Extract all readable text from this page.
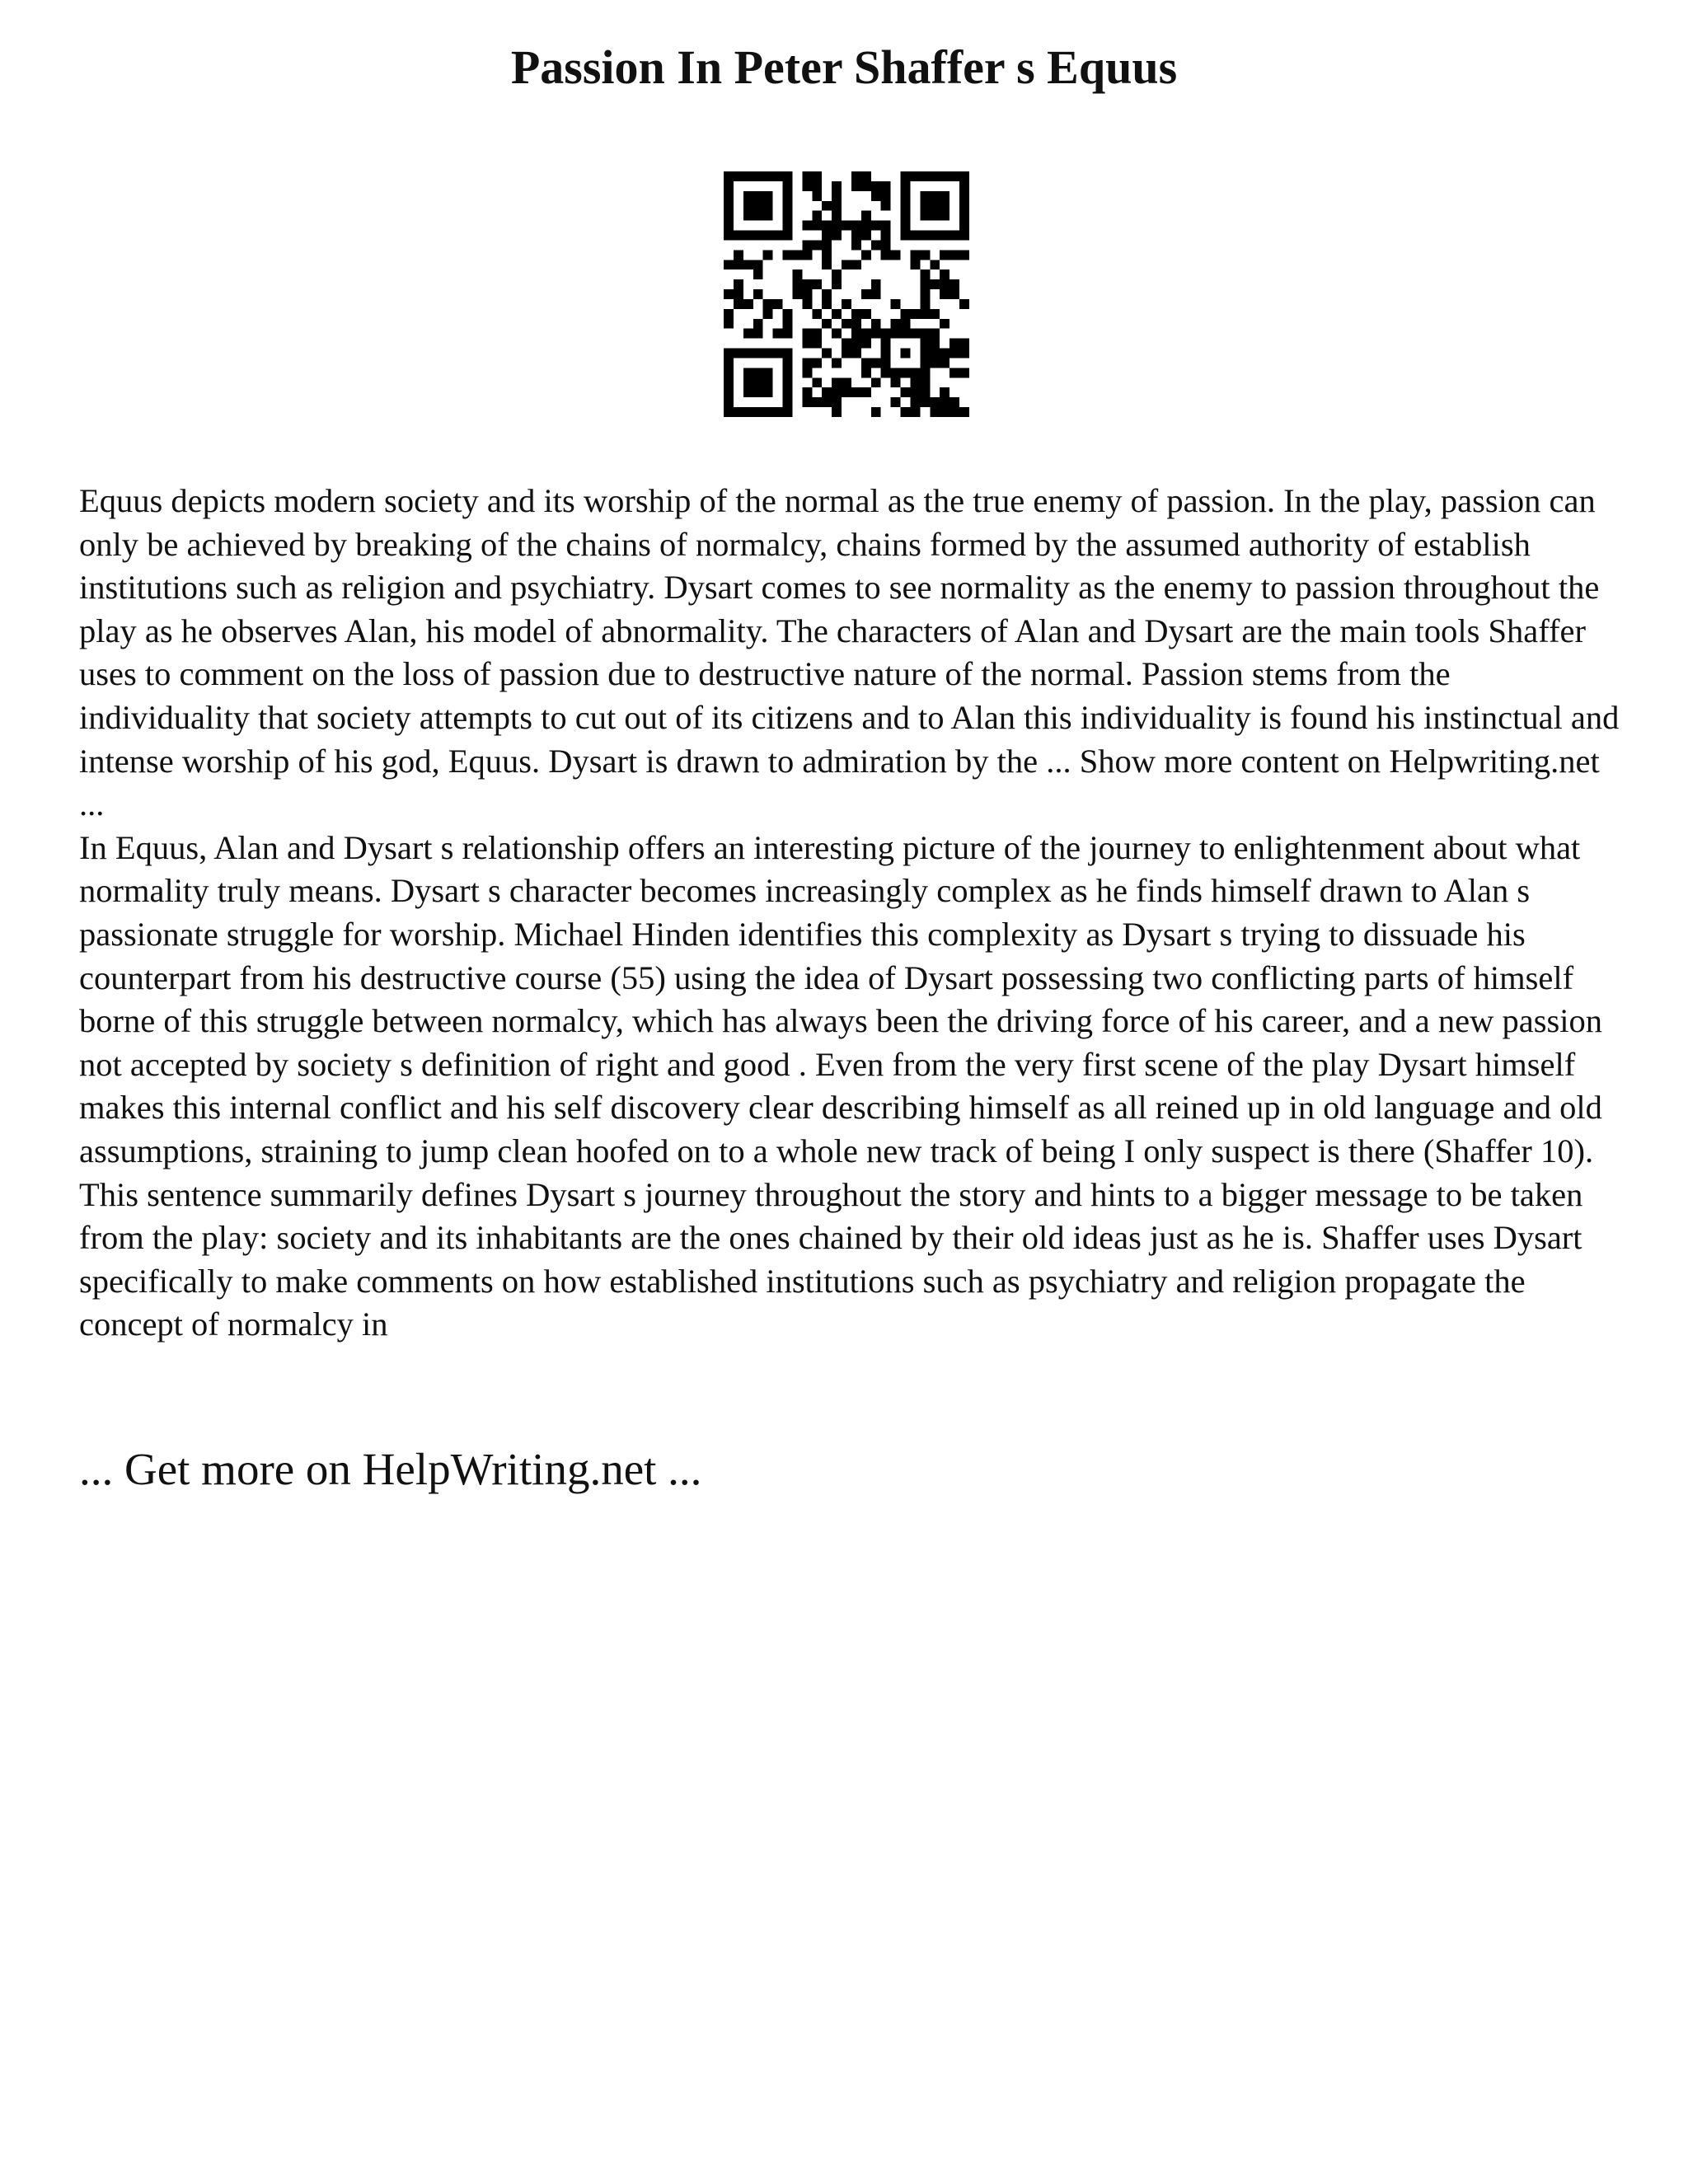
Passion In Peter Shaffer s Equus

Equus depicts modern society and its worship of the normal as the true enemy of passion. In the play, passion can only be achieved by breaking of the chains of normalcy, chains formed by the assumed authority of establish institutions such as religion and psychiatry. Dysart comes to see normality as the enemy to passion throughout the play as he observes Alan, his model of abnormality. The characters of Alan and Dysart are the main tools Shaffer uses to comment on the loss of passion due to destructive nature of the normal. Passion stems from the individuality that society attempts to cut out of its citizens and to Alan this individuality is found his instinctual and intense worship of his god, Equus. Dysart is drawn to admiration by the ... Show more content on Helpwriting.net ...

In Equus, Alan and Dysart s relationship offers an interesting picture of the journey to enlightenment about what normality truly means. Dysart s character becomes increasingly complex as he finds himself drawn to Alan s passionate struggle for worship. Michael Hinden identifies this complexity as Dysart s trying to dissuade his counterpart from his destructive course (55) using the idea of Dysart possessing two conflicting parts of himself borne of this struggle between normalcy, which has always been the driving force of his career, and a new passion not accepted by society s definition of right and good . Even from the very first scene of the play Dysart himself makes this internal conflict and his self discovery clear describing himself as all reined up in old language and old assumptions, straining to jump clean hoofed on to a whole new track of being I only suspect is there (Shaffer 10). This sentence summarily defines Dysart s journey throughout the story and hints to a bigger message to be taken from the play: society and its inhabitants are the ones chained by their old ideas just as he is. Shaffer uses Dysart specifically to make comments on how established institutions such as psychiatry and religion propagate the concept of normalcy in

... Get more on HelpWriting.net ...
